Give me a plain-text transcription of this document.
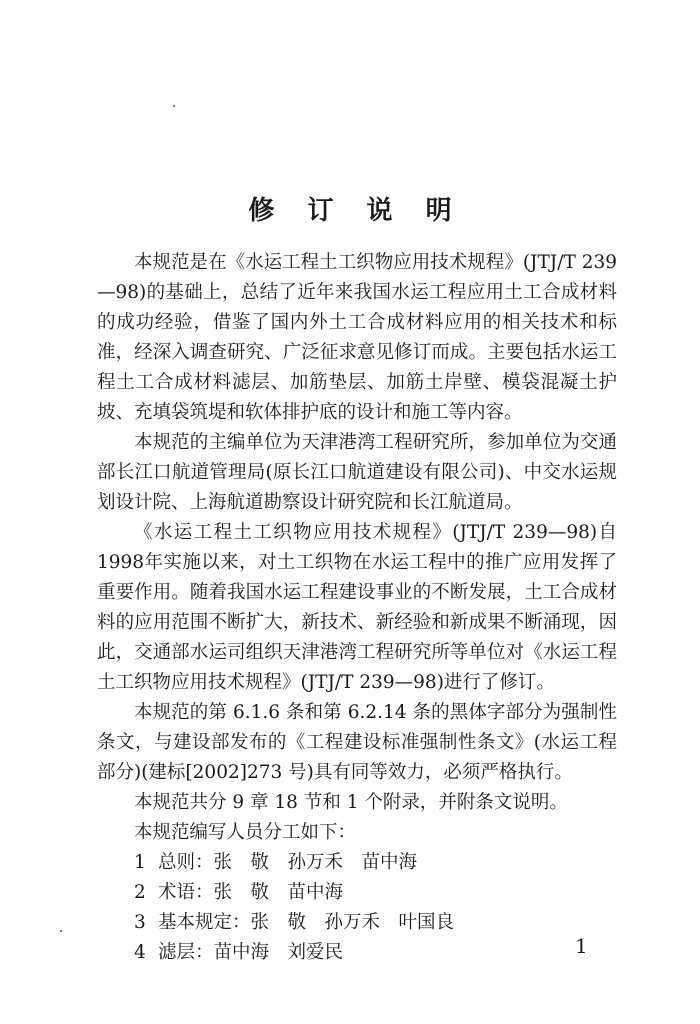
修 订 说 明

本规范是在《水运工程土工织物应用技术规程》(JTJ/T 239—98)的基础上，总结了近年来我国水运工程应用土工合成材料的成功经验，借鉴了国内外土工合成材料应用的相关技术和标准，经深入调查研究、广泛征求意见修订而成。主要包括水运工程土工合成材料滤层、加筋垫层、加筋土岸壁、模袋混凝土护坡、充填袋筑堤和软体排护底的设计和施工等内容。

本规范的主编单位为天津港湾工程研究所，参加单位为交通部长江口航道管理局(原长江口航道建设有限公司)、中交水运规划设计院、上海航道勘察设计研究院和长江航道局。

《水运工程土工织物应用技术规程》(JTJ/T 239—98)自 1998年实施以来，对土工织物在水运工程中的推广应用发挥了重要作用。随着我国水运工程建设事业的不断发展，土工合成材料的应用范围不断扩大，新技术、新经验和新成果不断涌现，因此，交通部水运司组织天津港湾工程研究所等单位对《水运工程土工织物应用技术规程》(JTJ/T 239—98)进行了修订。

本规范的第 6.1.6 条和第 6.2.14 条的黑体字部分为强制性条文，与建设部发布的《工程建设标准强制性条文》(水运工程部分)(建标[2002]273 号)具有同等效力，必须严格执行。

本规范共分 9 章 18 节和 1 个附录，并附条文说明。

本规范编写人员分工如下：

1 总则：张　敬　孙万禾　苗中海
2 术语：张　敬　苗中海
3 基本规定：张　敬　孙万禾　叶国良
4 滤层：苗中海　刘爱民	1
